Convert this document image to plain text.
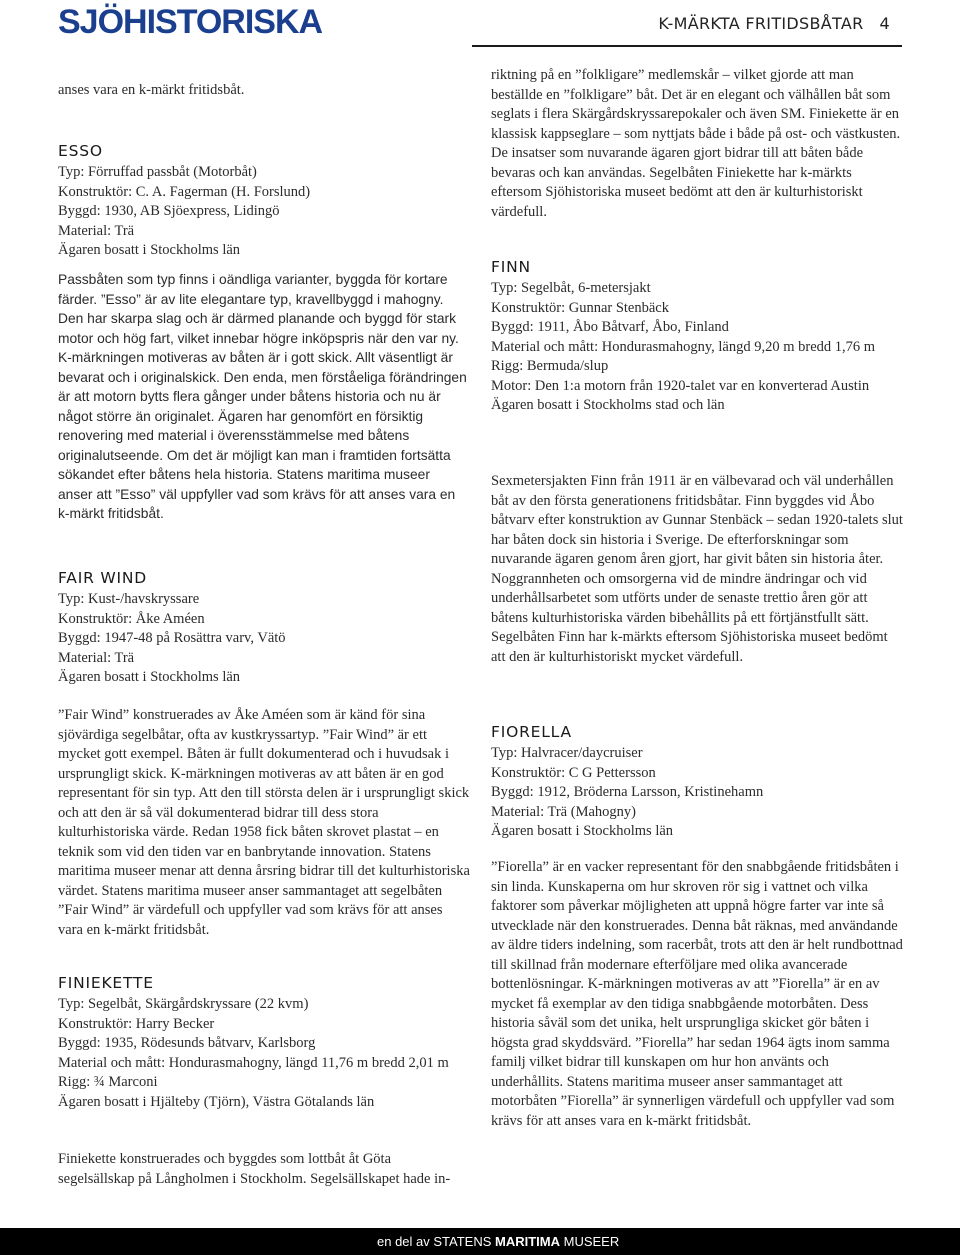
SJÖHISTORISKA	K-MÄRKTA FRITIDSBÅTAR 4

anses vara en k-märkt fritidsbåt.

ESSO

Typ: Förruffad passbåt (Motorbåt)

Konstruktör: C. A. Fagerman (H. Forslund)

Byggd: 1930, AB Sjöexpress, Lidingö

Material: Trä

Ägaren bosatt i Stockholms län

Passbåten som typ finns i oändliga varianter, byggda för kortare färder. ”Esso” är av lite elegantare typ, kravellbyggd i mahogny. Den har skarpa slag och är därmed planande och byggd för stark motor och hög fart, vilket innebar högre inköpspris när den var ny. K-märkningen motiveras av båten är i gott skick. Allt väsentligt är bevarat och i originalskick. Den enda, men förståeliga förändringen är att motorn bytts flera gånger under båtens historia och nu är något större än originalet. Ägaren har genomfört en försiktig renovering med material i överensstämmelse med båtens originalutseende. Om det är möjligt kan man i framtiden fortsätta sökandet efter båtens hela historia. Statens maritima museer anser att ”Esso” väl uppfyller vad som krävs för att anses vara en k-märkt fritidsbåt.

FAIR WIND

Typ: Kust-/havskryssare

Konstruktör: Åke Améen

Byggd: 1947-48 på Rosättra varv, Vätö

Material: Trä

Ägaren bosatt i Stockholms län

”Fair Wind” konstruerades av Åke Améen som är känd för sina sjövärdiga segelbåtar, ofta av kustkryssartyp. ”Fair Wind” är ett mycket gott exempel. Båten är fullt dokumenterad och i huvudsak i ursprungligt skick. K-märkningen motiveras av att båten är en god representant för sin typ. Att den till största delen är i ursprungligt skick och att den är så väl dokumenterad bidrar till dess stora kulturhistoriska värde. Redan 1958 fick båten skrovet plastat – en teknik som vid den tiden var en banbrytande innovation. Statens maritima museer menar att denna årsring bidrar till det kulturhistoriska värdet. Statens maritima museer anser sammantaget att segelbåten ”Fair Wind” är värdefull och uppfyller vad som krävs för att anses vara en k-märkt fritidsbåt.

FINIEKETTE

Typ: Segelbåt, Skärgårdskryssare (22 kvm)

Konstruktör: Harry Becker

Byggd: 1935, Rödesunds båtvarv, Karlsborg

Material och mått: Hondurasmahogny, längd 11,76 m bredd 2,01 m

Rigg: ¾ Marconi

Ägaren bosatt i Hjälteby (Tjörn), Västra Götalands län

Finiekette konstruerades och byggdes som lottbåt åt Göta segelsällskap på Långholmen i Stockholm. Segelsällskapet hade in-

riktning på en ”folkligare” medlemskår – vilket gjorde att man beställde en ”folkligare” båt. Det är en elegant och välhållen båt som seglats i flera Skärgårdskryssarepokaler och även SM. Finiekette är en klassisk kappseglare – som nyttjats både i både på ost- och västkusten. De insatser som nuvarande ägaren gjort bidrar till att båten både bevaras och kan användas. Segelbåten Finiekette har k-märkts eftersom Sjöhistoriska museet bedömt att den är kulturhistoriskt värdefull.

FINN

Typ: Segelbåt, 6-metersjakt

Konstruktör: Gunnar Stenbäck

Byggd: 1911, Åbo Båtvarf, Åbo, Finland

Material och mått: Hondurasmahogny, längd 9,20 m bredd 1,76 m

Rigg: Bermuda/slup

Motor: Den 1:a motorn från 1920-talet var en konverterad Austin

Ägaren bosatt i Stockholms stad och län

Sexmetersjakten Finn från 1911 är en välbevarad och väl underhållen båt av den första generationens fritidsbåtar. Finn byggdes vid Åbo båtvarv efter konstruktion av Gunnar Stenbäck – sedan 1920-talets slut har båten dock sin historia i Sverige. De efterforskningar som nuvarande ägaren genom åren gjort, har givit båten sin historia åter. Noggrannheten och omsorgerna vid de mindre ändringar och vid underhållsarbetet som utförts under de senaste trettio åren gör att båtens kulturhistoriska värden bibehållits på ett förtjänstfullt sätt. Segelbåten Finn har k-märkts eftersom Sjöhistoriska museet bedömt att den är kulturhistoriskt mycket värdefull.

FIORELLA

Typ: Halvracer/daycruiser

Konstruktör: C G Pettersson

Byggd: 1912, Bröderna Larsson, Kristinehamn

Material: Trä (Mahogny)

Ägaren bosatt i Stockholms län

”Fiorella” är en vacker representant för den snabbgående fritidsbåten i sin linda. Kunskaperna om hur skroven rör sig i vattnet och vilka faktorer som påverkar möjligheten att uppnå högre farter var inte så utvecklade när den konstruerades. Denna båt räknas, med användande av äldre tiders indelning, som racerbåt, trots att den är helt rundbottnad till skillnad från modernare efterföljare med olika avancerade bottenlösningar. K-märkningen motiveras av att ”Fiorella” är en av mycket få exemplar av den tidiga snabbgående motorbåten. Dess historia såväl som det unika, helt ursprungliga skicket gör båten i högsta grad skyddsvärd. ”Fiorella” har sedan 1964 ägts inom samma familj vilket bidrar till kunskapen om hur hon använts och underhållits. Statens maritima museer anser sammantaget att motorbåten ”Fiorella” är synnerligen värdefull och uppfyller vad som krävs för att anses vara en k-märkt fritidsbåt.

en del av STATENS MARITIMA MUSEER
